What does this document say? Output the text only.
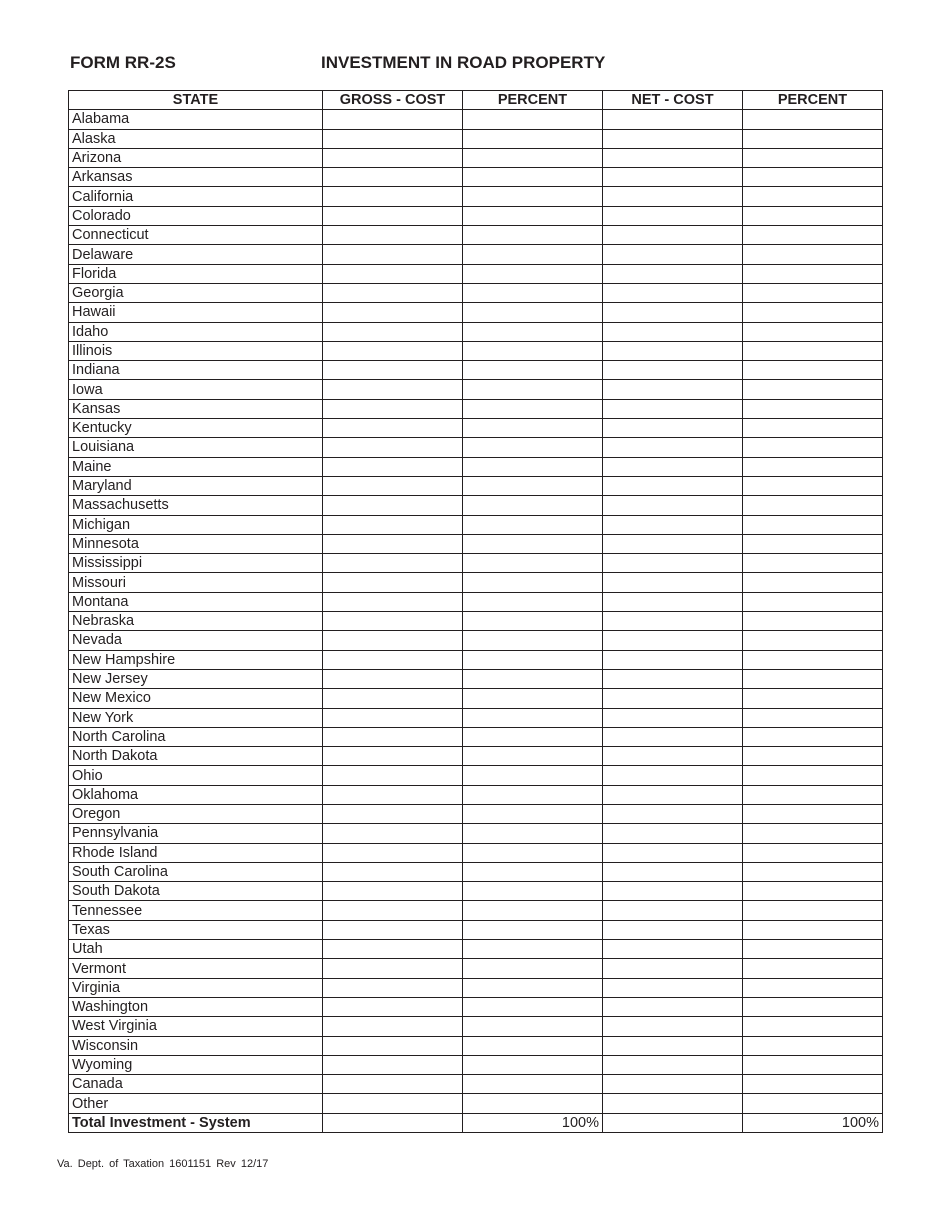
FORM RR-2S	INVESTMENT IN ROAD PROPERTY
STATE	GROSS - COST	PERCENT	NET - COST	PERCENT
Alabama				
Alaska				
Arizona				
Arkansas				
California				
Colorado				
Connecticut				
Delaware				
Florida				
Georgia				
Hawaii				
Idaho				
Illinois				
Indiana				
Iowa				
Kansas				
Kentucky				
Louisiana				
Maine				
Maryland				
Massachusetts				
Michigan				
Minnesota				
Mississippi				
Missouri				
Montana				
Nebraska				
Nevada				
New Hampshire				
New Jersey				
New Mexico				
New York				
North Carolina				
North Dakota				
Ohio				
Oklahoma				
Oregon				
Pennsylvania				
Rhode Island				
South Carolina				
South Dakota				
Tennessee				
Texas				
Utah				
Vermont				
Virginia				
Washington				
West Virginia				
Wisconsin				
Wyoming				
Canada				
Other				
Total Investment - System		100%		100%
Va. Dept. of Taxation 1601151 Rev 12/17
